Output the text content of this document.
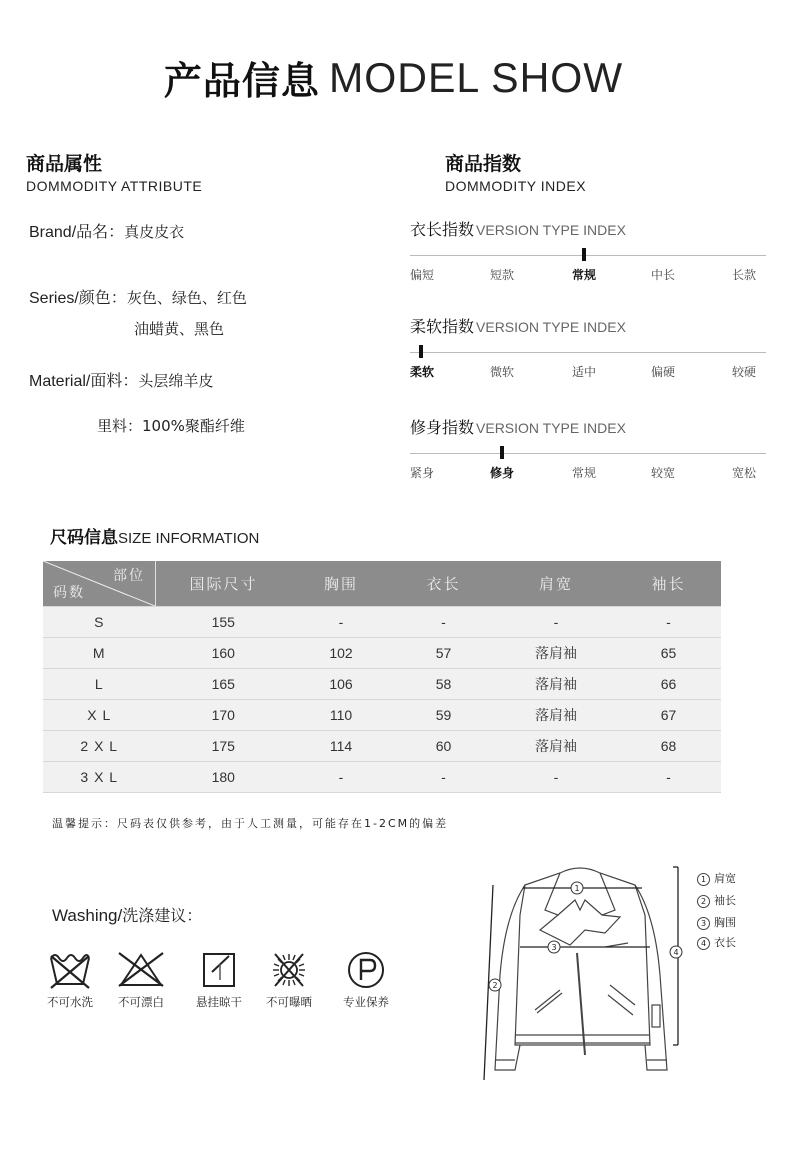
产品信息 MODEL SHOW
商品属性
DOMMODITY ATTRIBUTE
Brand/品名：真皮皮衣
Series/颜色：灰色、绿色、红色
油蜡黄、黑色
Material/面料：头层绵羊皮
里料：100%聚酯纤维
商品指数
DOMMODITY INDEX
衣长指数 VERSION TYPE INDEX
偏短	短款	常规	中长	长款
柔软指数 VERSION TYPE INDEX
柔软	微软	适中	偏硬	较硬
修身指数 VERSION TYPE INDEX
紧身	修身	常规	较宽	宽松
尺码信息SIZE INFORMATION
部位
码数	国际尺寸	胸围	衣长	肩宽	袖长
S	155	-	-	-	-
M	160	102	57	落肩袖	65
L	165	106	58	落肩袖	66
X L	170	110	59	落肩袖	67
2 X L	175	114	60	落肩袖	68
3 X L	180	-	-	-	-
温馨提示：尺码表仅供参考，由于人工测量，可能存在1-2CM的偏差
Washing/洗涤建议：
不可水洗	不可漂白	悬挂晾干	不可曝晒	专业保养
1
2
3
4
1 肩宽
2 袖长
3 胸围
4 衣长
